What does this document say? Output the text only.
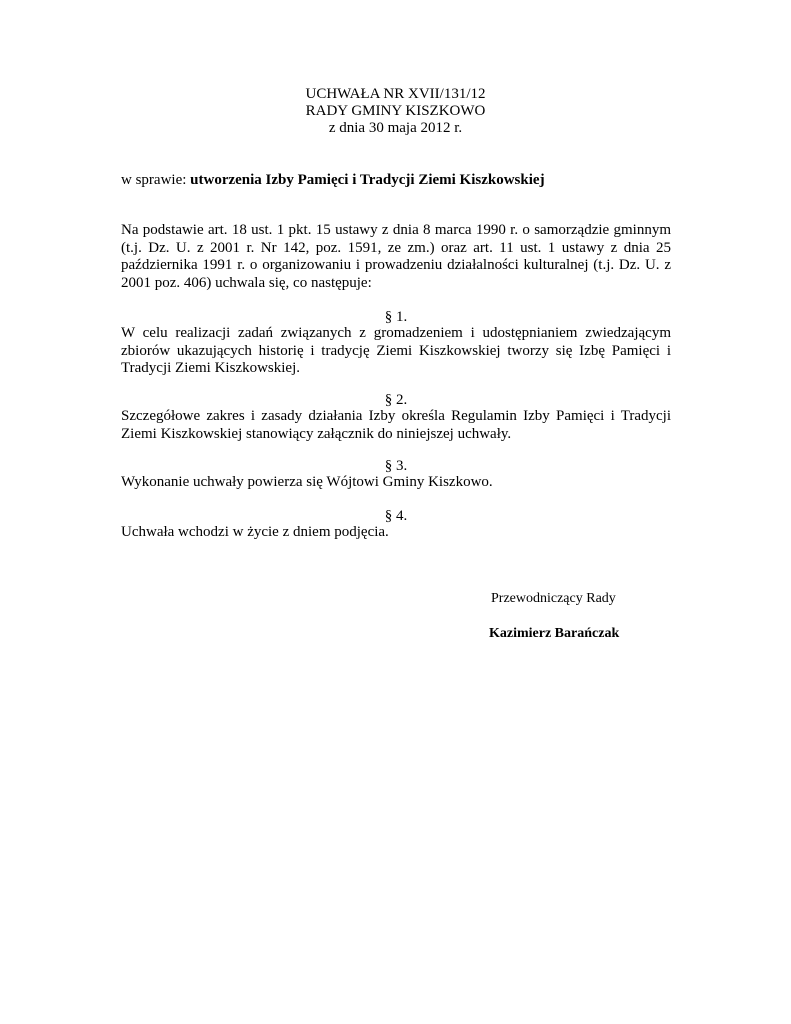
UCHWAŁA NR XVII/131/12
RADY GMINY KISZKOWO
z dnia 30 maja 2012 r.
w sprawie: utworzenia Izby Pamięci i Tradycji Ziemi Kiszkowskiej

Na podstawie art. 18 ust. 1 pkt. 15 ustawy z dnia 8 marca 1990 r. o samorządzie gminnym (t.j. Dz. U. z 2001 r. Nr 142, poz. 1591, ze zm.) oraz art. 11 ust. 1 ustawy z dnia 25 października 1991 r. o organizowaniu i prowadzeniu działalności kulturalnej (t.j. Dz. U. z 2001 poz. 406) uchwala się, co następuje:

§ 1.

W celu realizacji zadań związanych z gromadzeniem i udostępnianiem zwiedzającym zbiorów ukazujących historię i tradycję Ziemi Kiszkowskiej tworzy się Izbę Pamięci i Tradycji Ziemi Kiszkowskiej.

§ 2.

Szczegółowe zakres i zasady działania Izby określa Regulamin Izby Pamięci i Tradycji Ziemi Kiszkowskiej stanowiący załącznik do niniejszej uchwały.

§ 3.

Wykonanie uchwały powierza się Wójtowi Gminy Kiszkowo.

§ 4.

Uchwała wchodzi w życie z dniem podjęcia.

Przewodniczący Rady
Kazimierz Barańczak
